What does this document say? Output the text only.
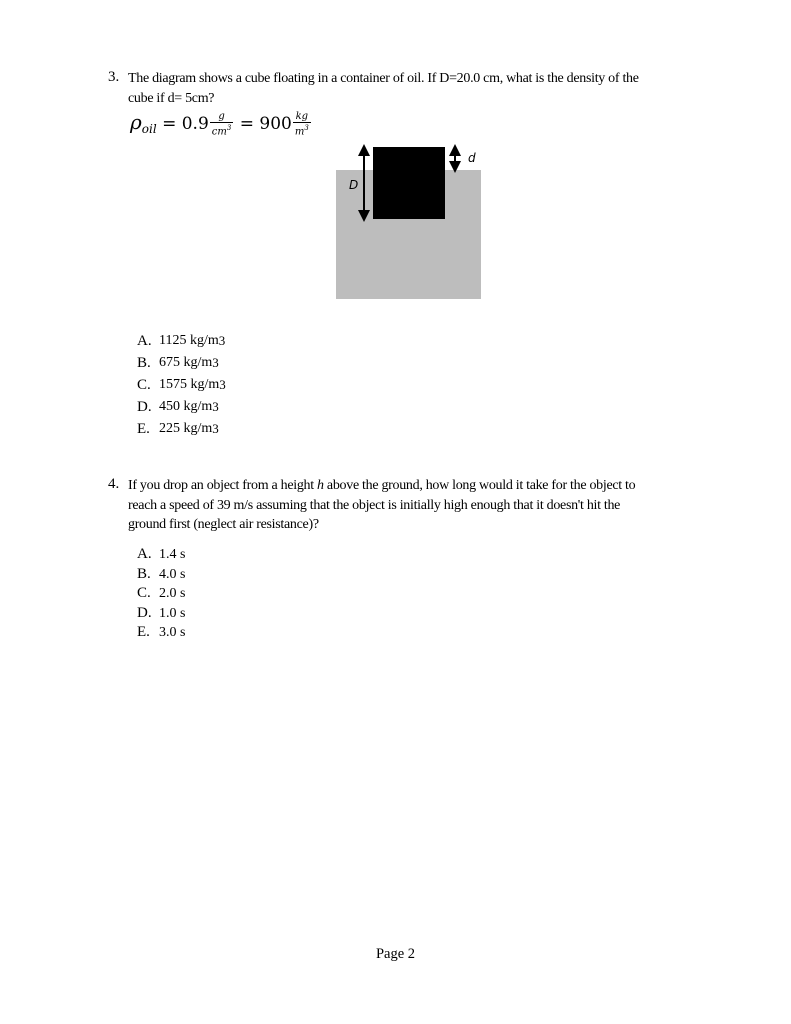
3. The diagram shows a cube floating in a container of oil. If D=20.0 cm, what is the density of the
cube if d= 5cm?
$\rho_{oil} = 0.9 \frac{g}{cm^3} = 900 \frac{kg}{m^3}$
D
d
A. 1125 kg/m 3
B. 675 kg/m 3
C. 1575 kg/m 3
D. 450 kg/m 3
E. 225 kg/m 3
4. If you drop an object from a height h above the ground, how long would it take for the object to
reach a speed of 39 m/s assuming that the object is initially high enough that it doesn't hit the
ground first (neglect air resistance)?
A. 1.4 s
B. 4.0 s
C. 2.0 s
D. 1.0 s
E. 3.0 s
Page 2
